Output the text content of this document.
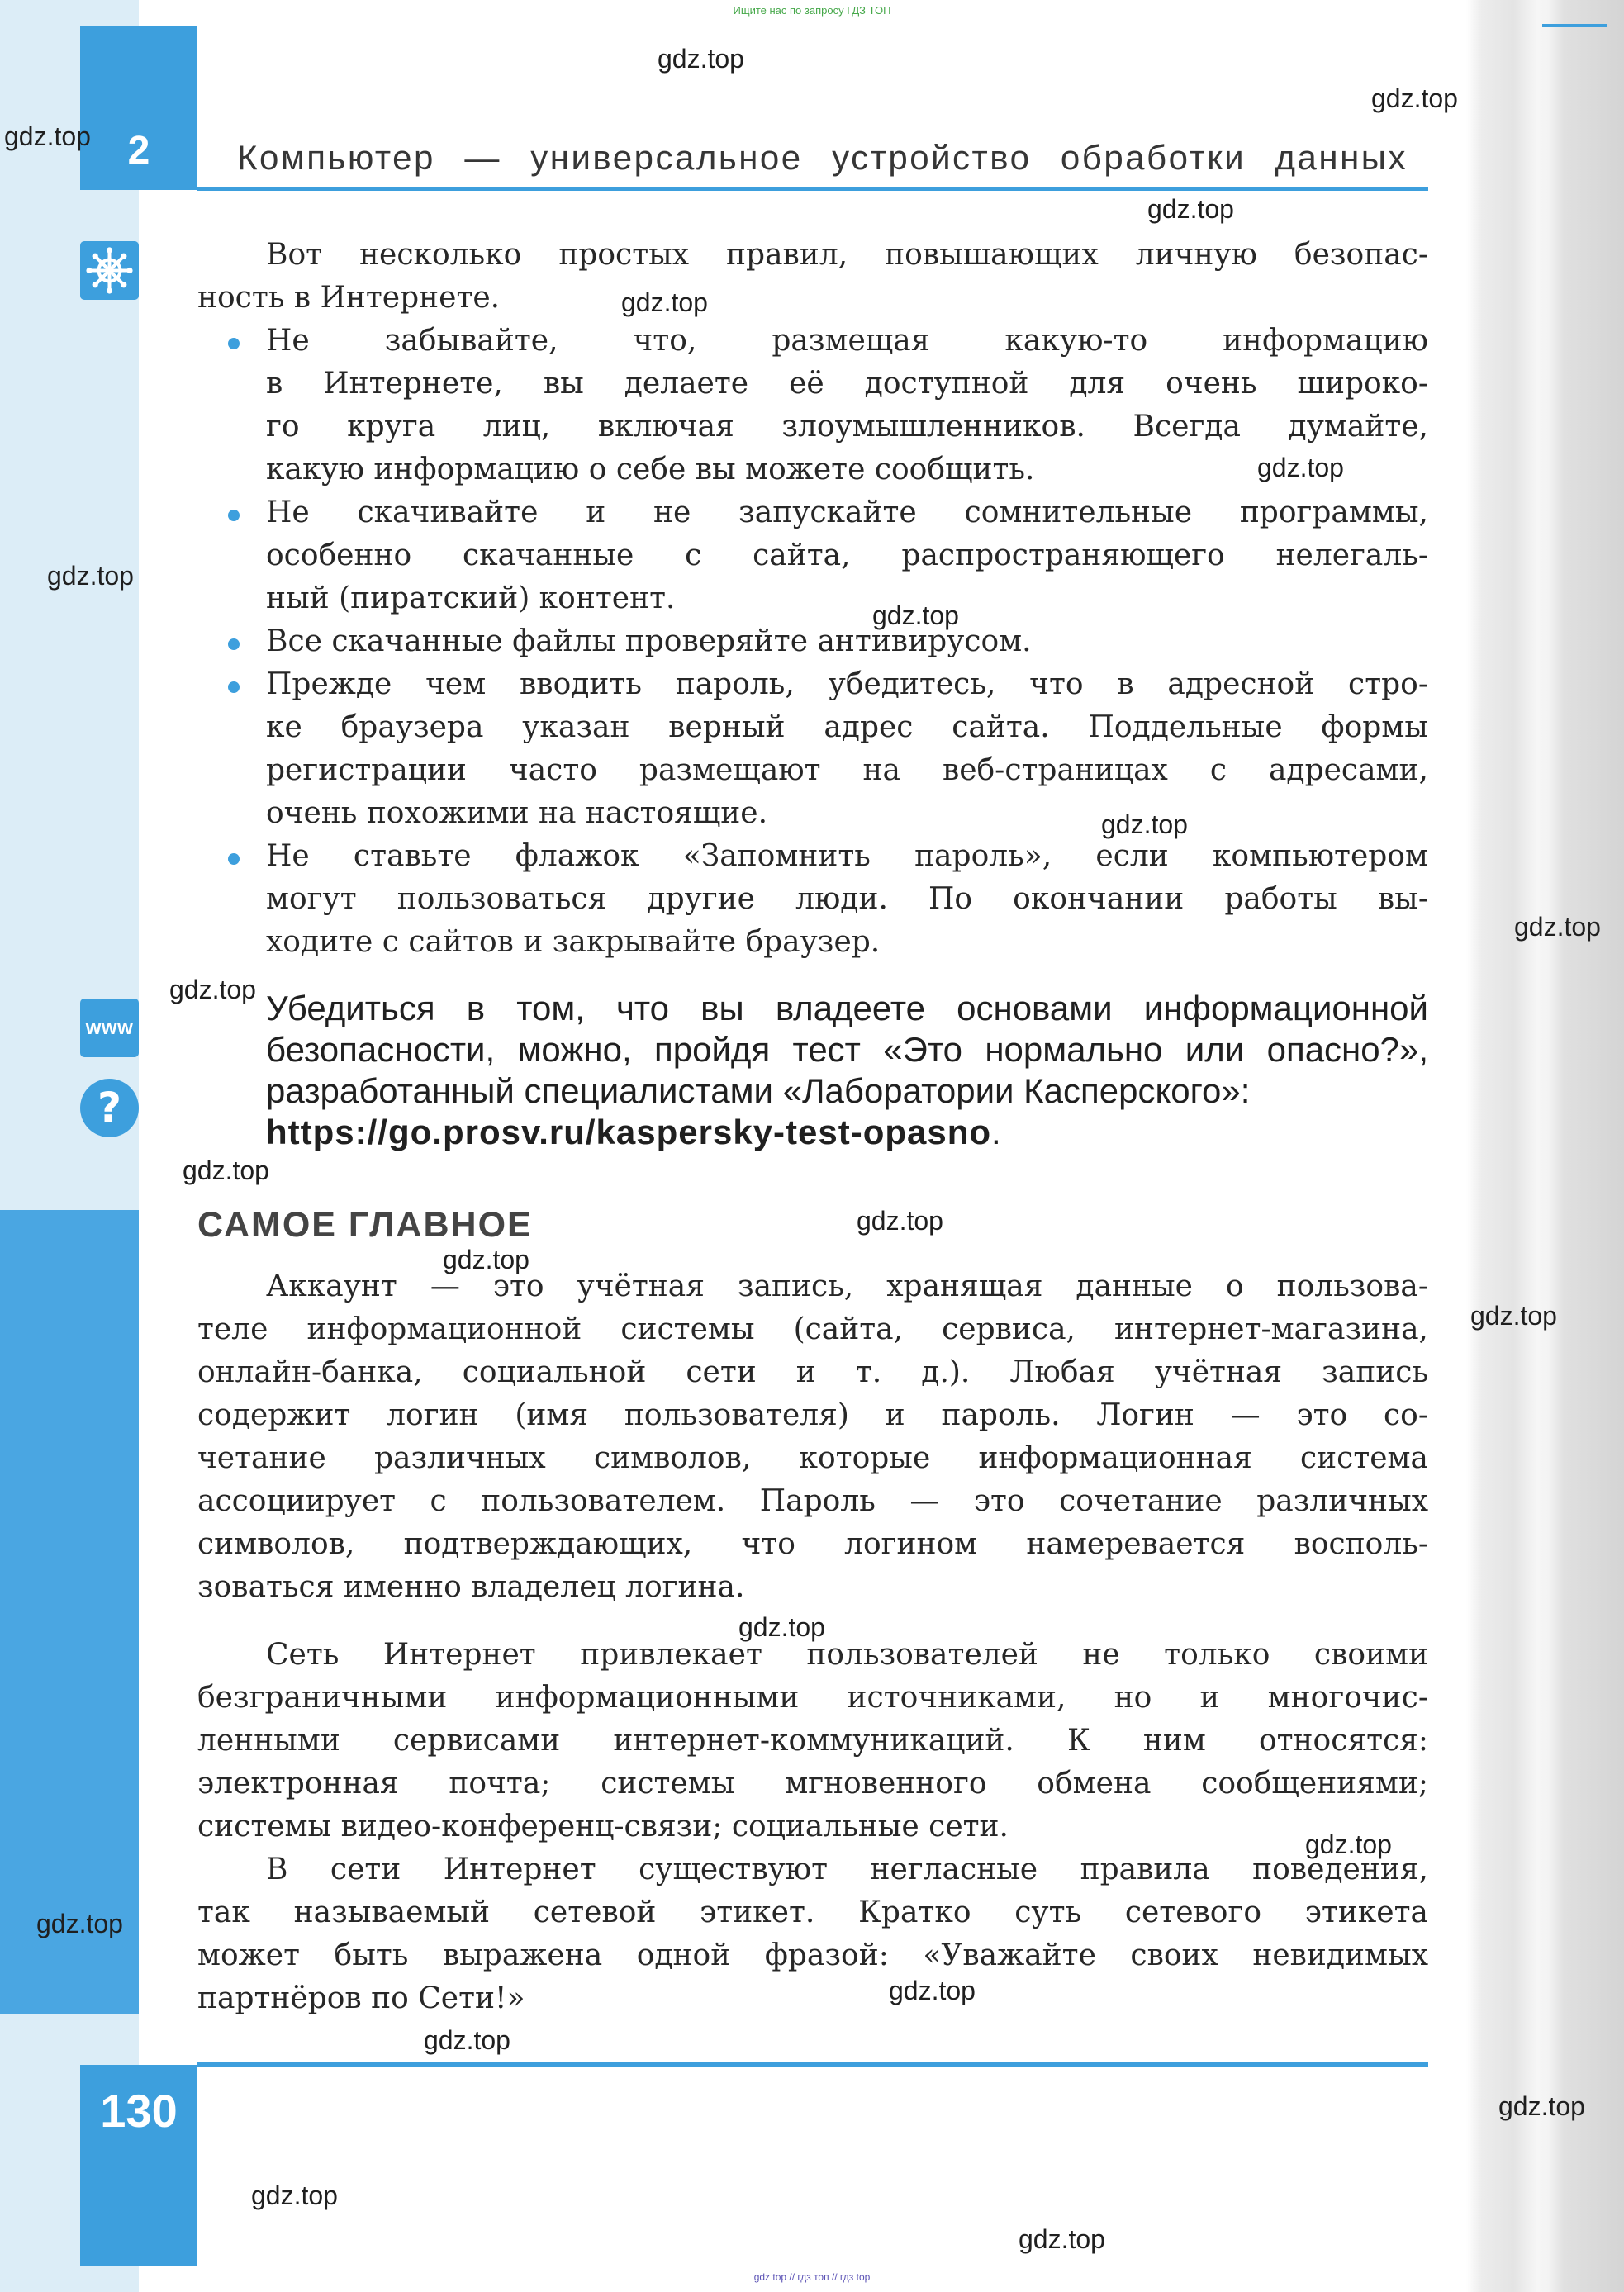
Ищите нас по запросу ГДЗ ТОП
2	Компьютер — универсальное устройство обработки данных
www
?
Вот несколько простых правил, повышающих личную безопас-
ность в Интернете.
Не забывайте, что, размещая какую-то информацию
в Интернете, вы делаете её доступной для очень широко-
го круга лиц, включая злоумышленников. Всегда думайте,
какую информацию о себе вы можете сообщить.
Не скачивайте и не запускайте сомнительные программы,
особенно скачанные с сайта, распространяющего нелегаль-
ный (пиратский) контент.
Все скачанные файлы проверяйте антивирусом.
Прежде чем вводить пароль, убедитесь, что в адресной стро-
ке браузера указан верный адрес сайта. Поддельные формы
регистрации часто размещают на веб-страницах с адресами,
очень похожими на настоящие.
Не ставьте флажок «Запомнить пароль», если компьютером
могут пользоваться другие люди. По окончании работы вы-
ходите с сайтов и закрывайте браузер.
Убедиться в том, что вы владеете основами информационной
безопасности, можно, пройдя тест «Это нормально или опасно?»,
разработанный специалистами «Лаборатории Касперского»:
https://go.prosv.ru/kaspersky-test-opasno.
САМОЕ ГЛАВНОЕ
Аккаунт — это учётная запись, хранящая данные о пользова-
теле информационной системы (сайта, сервиса, интернет-магазина,
онлайн-банка, социальной сети и т. д.). Любая учётная запись
содержит логин (имя пользователя) и пароль. Логин — это со-
четание различных символов, которые информационная система
ассоциирует с пользователем. Пароль — это сочетание различных
символов, подтверждающих, что логином намеревается восполь-
зоваться именно владелец логина.
Сеть Интернет привлекает пользователей не только своими
безграничными информационными источниками, но и многочис-
ленными сервисами интернет-коммуникаций. К ним относятся:
электронная почта; системы мгновенного обмена сообщениями;
системы видео-конференц-связи; социальные сети.
В сети Интернет существуют негласные правила поведения,
так называемый сетевой этикет. Кратко суть сетевого этикета
может быть выражена одной фразой: «Уважайте своих невидимых
партнёров по Сети!»
130
gdz top // гдз топ // гдз top
gdz.top
gdz.top
gdz.top
gdz.top
gdz.top
gdz.top
gdz.top
gdz.top
gdz.top
gdz.top
gdz.top
gdz.top
gdz.top
gdz.top
gdz.top
gdz.top
gdz.top
gdz.top
gdz.top
gdz.top
gdz.top
gdz.top
gdz.top
